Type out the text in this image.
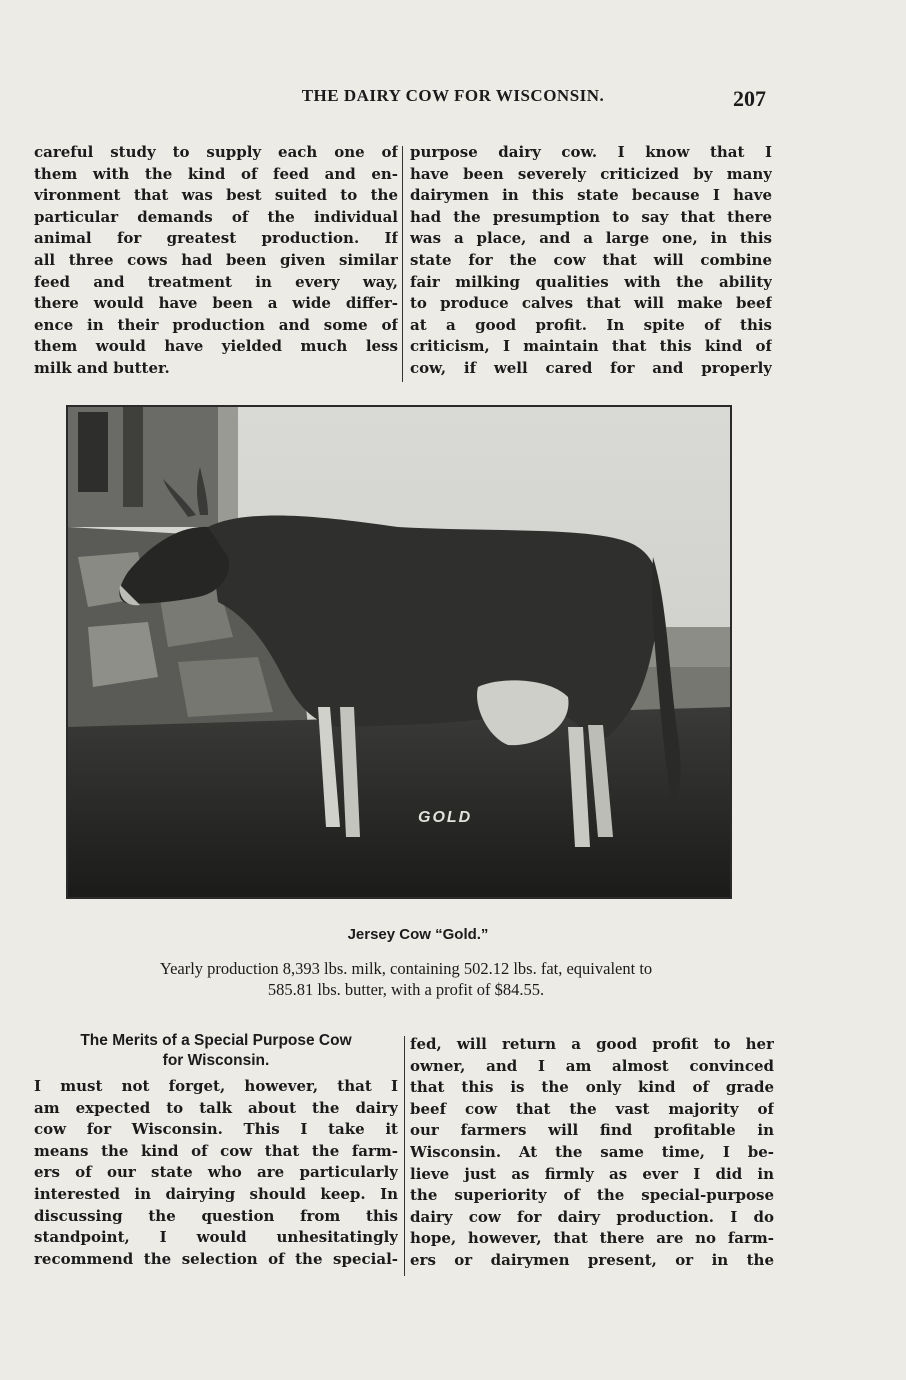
THE DAIRY COW FOR WISCONSIN.	207
careful study to supply each one of
them with the kind of feed and en-
vironment that was best suited to the
particular demands of the individual
animal for greatest production. If
all three cows had been given similar
feed and treatment in every way,
there would have been a wide differ-
ence in their production and some of
them would have yielded much less
milk and butter.
purpose dairy cow. I know that I
have been severely criticized by many
dairymen in this state because I have
had the presumption to say that there
was a place, and a large one, in this
state for the cow that will combine
fair milking qualities with the ability
to produce calves that will make beef
at a good profit. In spite of this
criticism, I maintain that this kind of
cow, if well cared for and properly
GOLD
Jersey Cow “Gold.”
Yearly production 8,393 lbs. milk, containing 502.12 lbs. fat, equivalent to
585.81 lbs. butter, with a profit of $84.55.
The Merits of a Special Purpose Cow
for Wisconsin.
I must not forget, however, that I
am expected to talk about the dairy
cow for Wisconsin. This I take it
means the kind of cow that the farm-
ers of our state who are particularly
interested in dairying should keep. In
discussing the question from this
standpoint, I would unhesitatingly
recommend the selection of the special-
fed, will return a good profit to her
owner, and I am almost convinced
that this is the only kind of grade
beef cow that the vast majority of
our farmers will find profitable in
Wisconsin. At the same time, I be-
lieve just as firmly as ever I did in
the superiority of the special-purpose
dairy cow for dairy production. I do
hope, however, that there are no farm-
ers or dairymen present, or in the
